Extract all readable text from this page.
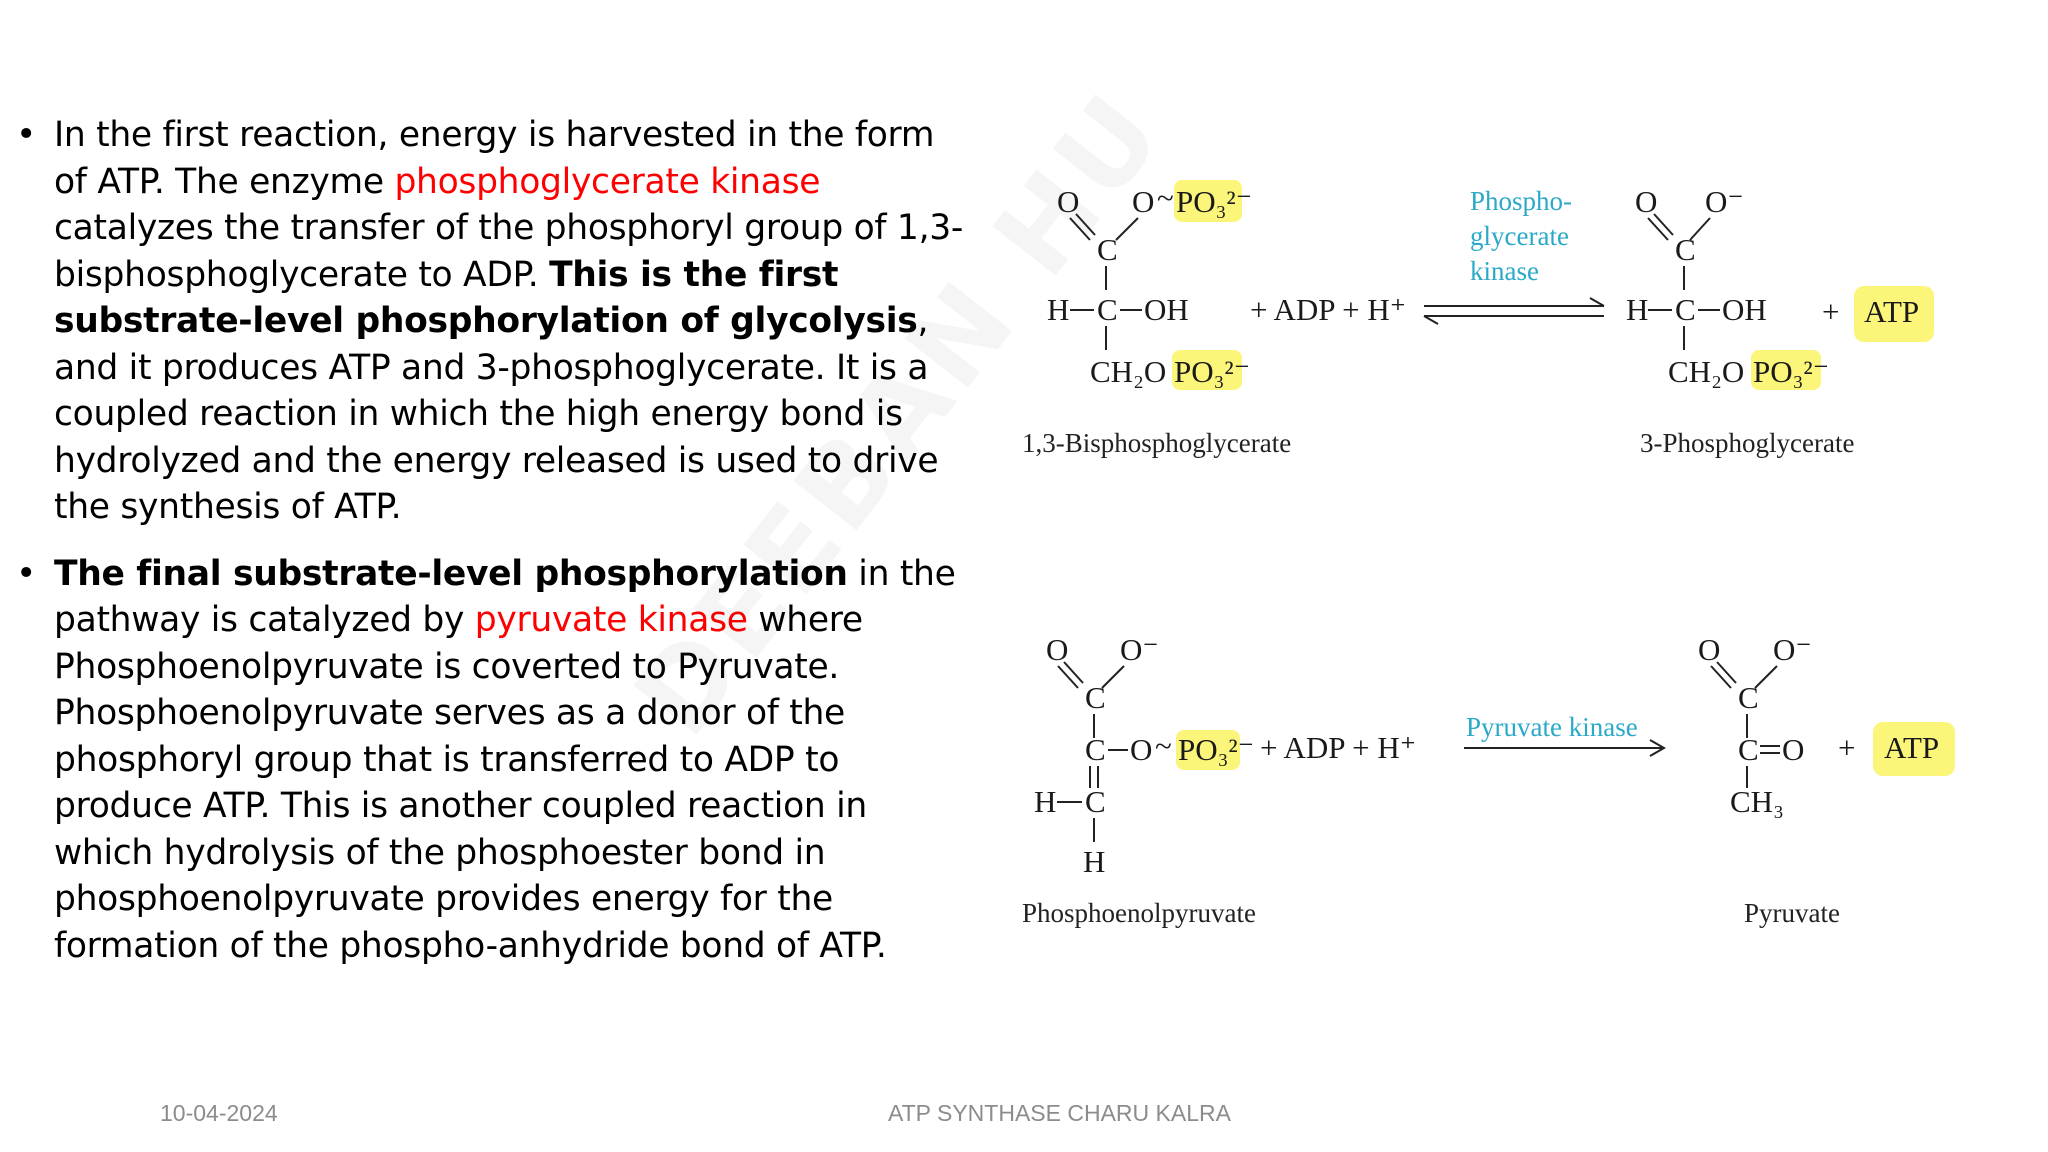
• In the first reaction, energy is harvested in the form of ATP. The enzyme phosphoglycerate kinase catalyzes the transfer of the phosphoryl group of 1,3-bisphosphoglycerate to ADP. This is the first substrate-level phosphorylation of glycolysis, and it produces ATP and 3-phosphoglycerate. It is a coupled reaction in which the high energy bond is hydrolyzed and the energy released is used to drive the synthesis of ATP.
• The final substrate-level phosphorylation in the pathway is catalyzed by pyruvate kinase where Phosphoenolpyruvate is coverted to Pyruvate. Phosphoenolpyruvate serves as a donor of the phosphoryl group that is transferred to ADP to produce ATP. This is another coupled reaction in which hydrolysis of the phosphoester bond in phosphoenolpyruvate provides energy for the formation of the phospho-anhydride bond of ATP.
O O ~ PO₃²⁻
C
H C OH
CH₂O PO₃²⁻
1,3-Bisphosphoglycerate
+ ADP + H⁺
Phospho-
glycerate
kinase
O O⁻
C
H C OH
CH₂O PO₃²⁻
3-Phosphoglycerate
+ ATP
O O⁻
C
C O ~ PO₃²⁻
H C
H
Phosphoenolpyruvate
+ ADP + H⁺
Pyruvate kinase
O O⁻
C
C O
CH₃
Pyruvate
+ ATP
10-04-2024	ATP SYNTHASE CHARU KALRA
